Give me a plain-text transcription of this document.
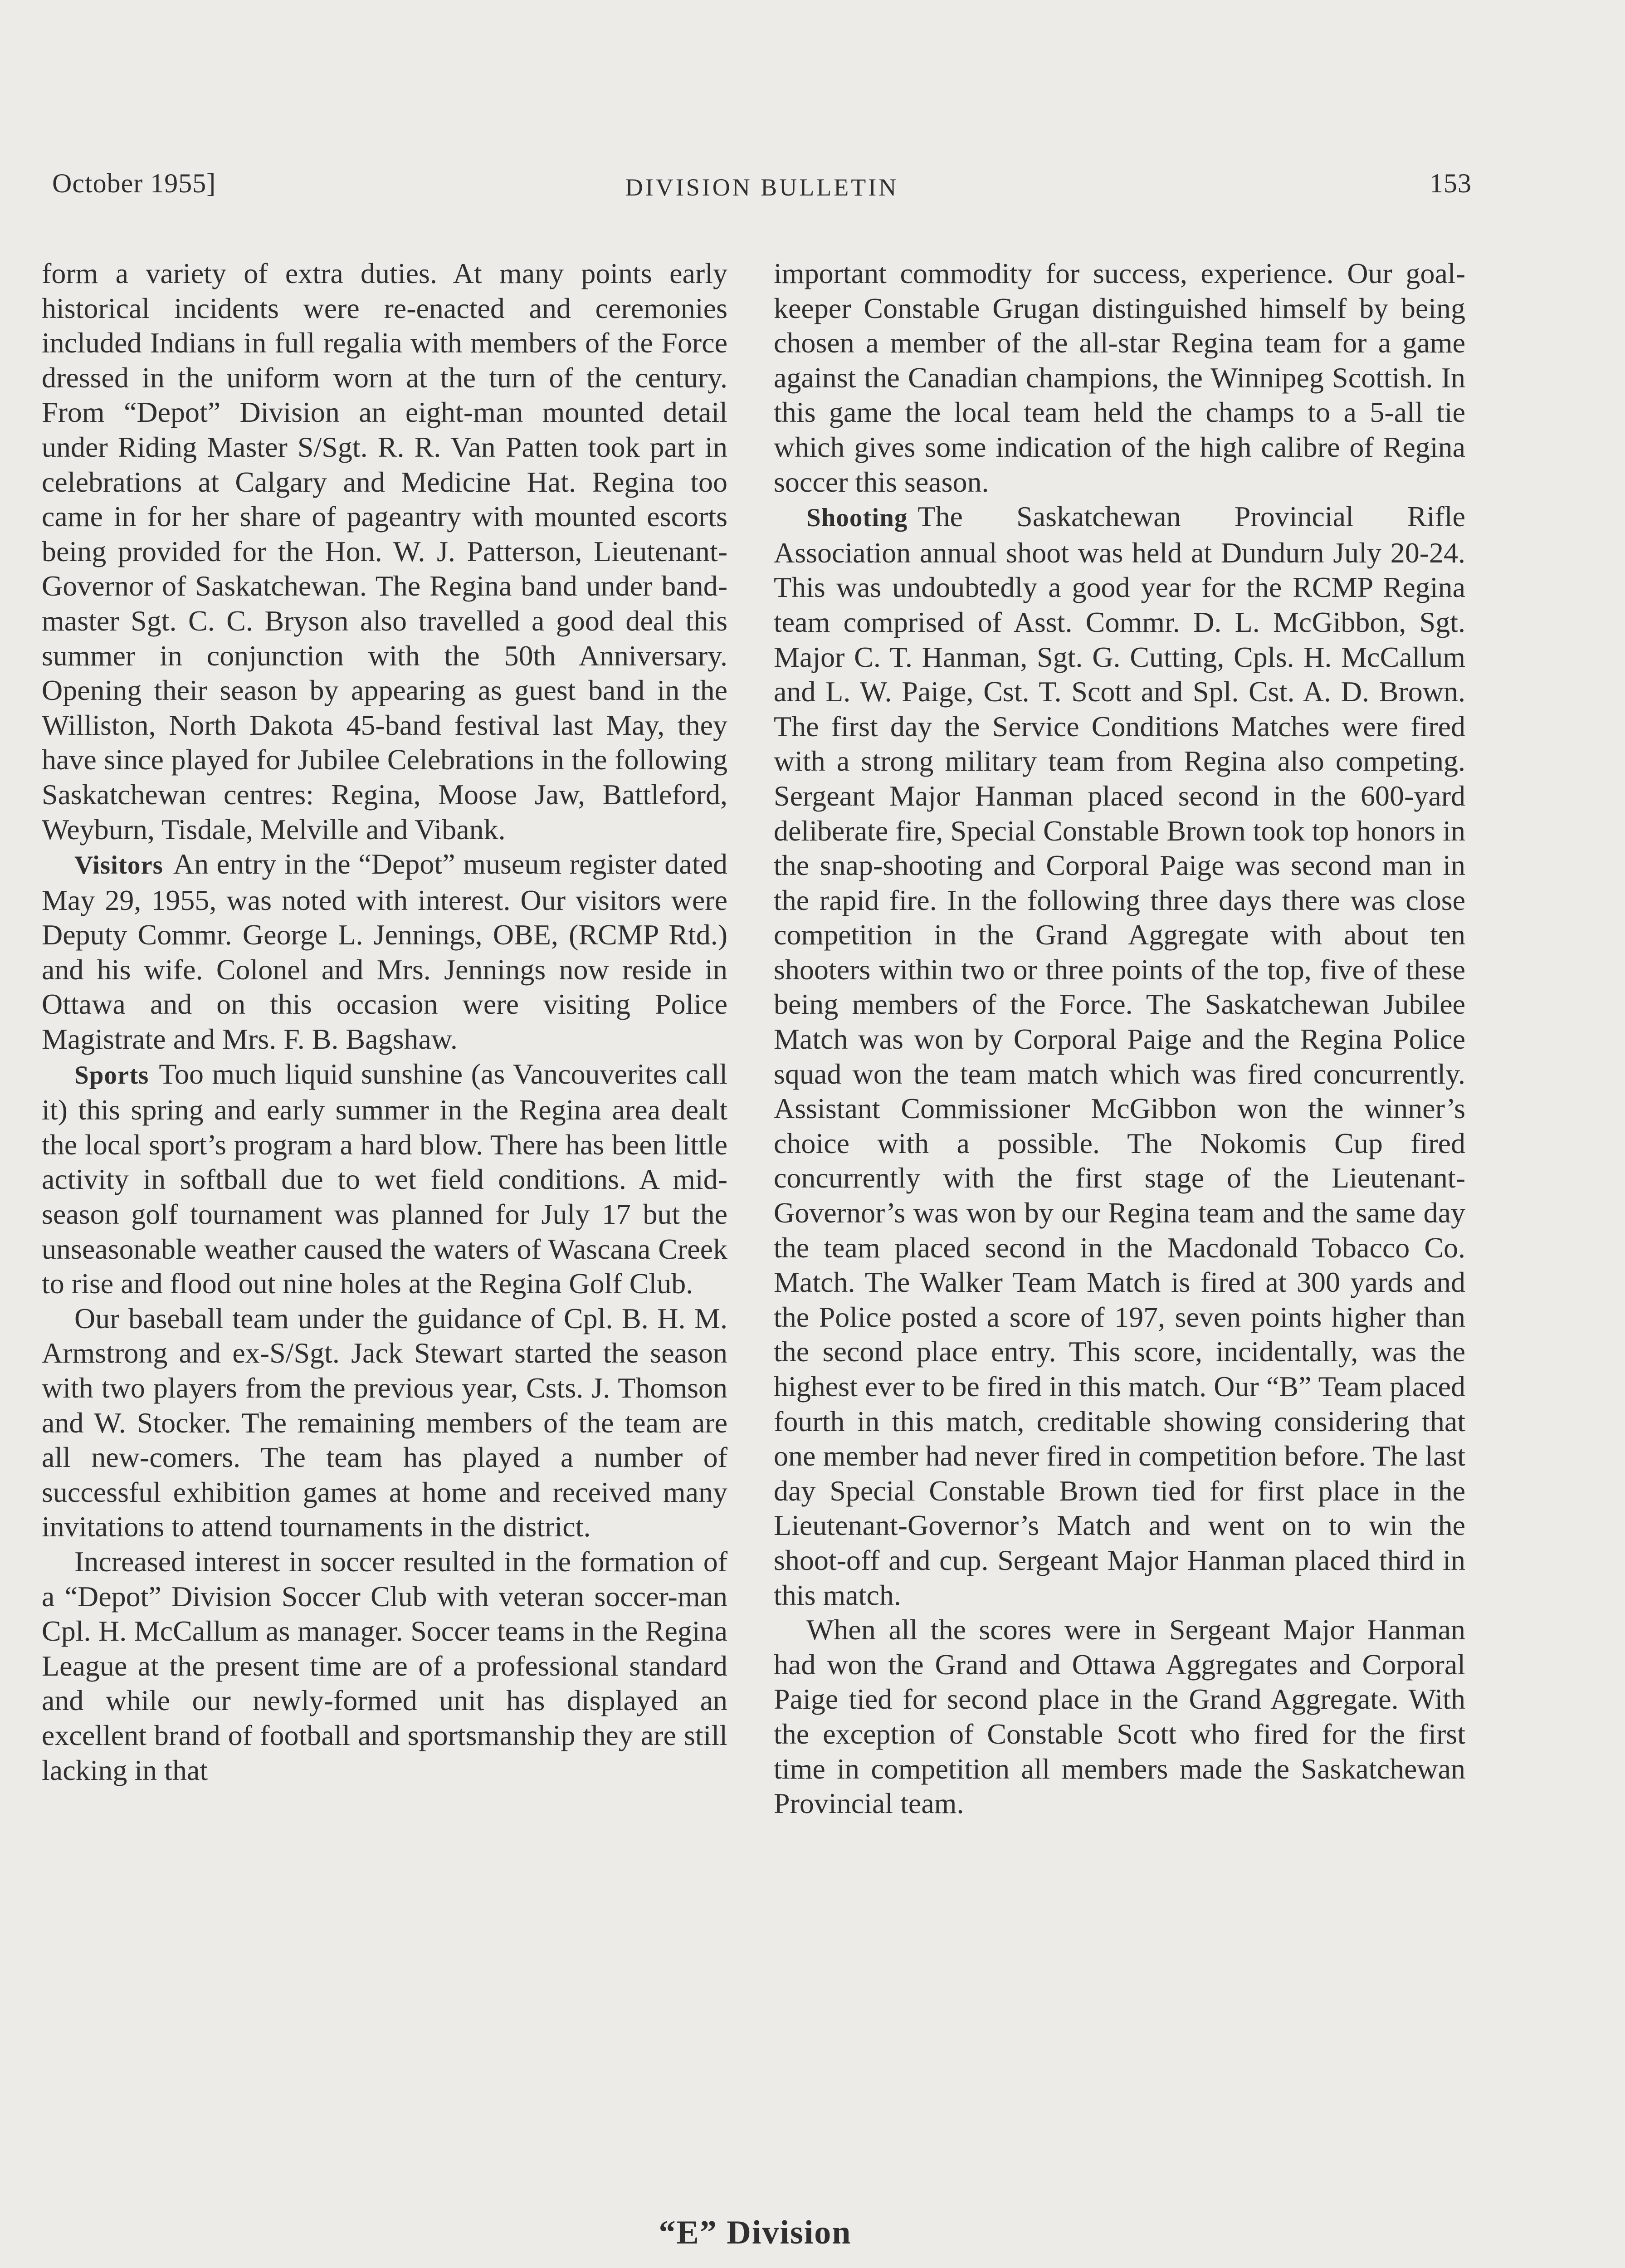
October 1955]	DIVISION BULLETIN	153

form a variety of extra duties. At many points early historical incidents were re-enacted and ceremonies included Indians in full regalia with members of the Force dressed in the uniform worn at the turn of the century. From “Depot” Division an eight-man mounted detail under Riding Master S/Sgt. R. R. Van Patten took part in celebrations at Calgary and Medicine Hat. Regina too came in for her share of pageantry with mounted escorts being provided for the Hon. W. J. Patterson, Lieutenant-Governor of Saskatchewan. The Regina band under band-master Sgt. C. C. Bryson also travelled a good deal this summer in conjunction with the 50th Anniversary. Opening their season by appearing as guest band in the Williston, North Dakota 45-band festival last May, they have since played for Jubilee Celebrations in the following Saskatchewan centres: Regina, Moose Jaw, Battleford, Weyburn, Tisdale, Melville and Vibank.

Visitors An entry in the “Depot” museum register dated May 29, 1955, was noted with interest. Our visitors were Deputy Commr. George L. Jennings, OBE, (RCMP Rtd.) and his wife. Colonel and Mrs. Jennings now reside in Ottawa and on this occasion were visiting Police Magistrate and Mrs. F. B. Bagshaw.

Sports Too much liquid sunshine (as Vancouverites call it) this spring and early summer in the Regina area dealt the local sport’s program a hard blow. There has been little activity in softball due to wet field conditions. A mid-season golf tournament was planned for July 17 but the unseasonable weather caused the waters of Wascana Creek to rise and flood out nine holes at the Regina Golf Club.

Our baseball team under the guidance of Cpl. B. H. M. Armstrong and ex-S/Sgt. Jack Stewart started the season with two players from the previous year, Csts. J. Thomson and W. Stocker. The remaining members of the team are all new-comers. The team has played a number of successful exhibition games at home and received many invitations to attend tournaments in the district.

Increased interest in soccer resulted in the formation of a “Depot” Division Soccer Club with veteran soccer-man Cpl. H. McCallum as manager. Soccer teams in the Regina League at the present time are of a professional standard and while our newly-formed unit has displayed an excellent brand of football and sportsmanship they are still lacking in that

important commodity for success, experience. Our goal-keeper Constable Grugan distinguished himself by being chosen a member of the all-star Regina team for a game against the Canadian champions, the Winnipeg Scottish. In this game the local team held the champs to a 5-all tie which gives some indication of the high calibre of Regina soccer this season.

Shooting The Saskatchewan Provincial Rifle Association annual shoot was held at Dundurn July 20-24. This was undoubtedly a good year for the RCMP Regina team comprised of Asst. Commr. D. L. McGibbon, Sgt. Major C. T. Hanman, Sgt. G. Cutting, Cpls. H. McCallum and L. W. Paige, Cst. T. Scott and Spl. Cst. A. D. Brown. The first day the Service Conditions Matches were fired with a strong military team from Regina also competing. Sergeant Major Hanman placed second in the 600-yard deliberate fire, Special Constable Brown took top honors in the snap-shooting and Corporal Paige was second man in the rapid fire. In the following three days there was close competition in the Grand Aggregate with about ten shooters within two or three points of the top, five of these being members of the Force. The Saskatchewan Jubilee Match was won by Corporal Paige and the Regina Police squad won the team match which was fired concurrently. Assistant Commissioner McGibbon won the winner’s choice with a possible. The Nokomis Cup fired concurrently with the first stage of the Lieutenant-Governor’s was won by our Regina team and the same day the team placed second in the Macdonald Tobacco Co. Match. The Walker Team Match is fired at 300 yards and the Police posted a score of 197, seven points higher than the second place entry. This score, incidentally, was the highest ever to be fired in this match. Our “B” Team placed fourth in this match, creditable showing considering that one member had never fired in competition before. The last day Special Constable Brown tied for first place in the Lieutenant-Governor’s Match and went on to win the shoot-off and cup. Sergeant Major Hanman placed third in this match.

When all the scores were in Sergeant Major Hanman had won the Grand and Ottawa Aggregates and Corporal Paige tied for second place in the Grand Aggregate. With the exception of Constable Scott who fired for the first time in competition all members made the Saskatchewan Provincial team.

“E” Division
